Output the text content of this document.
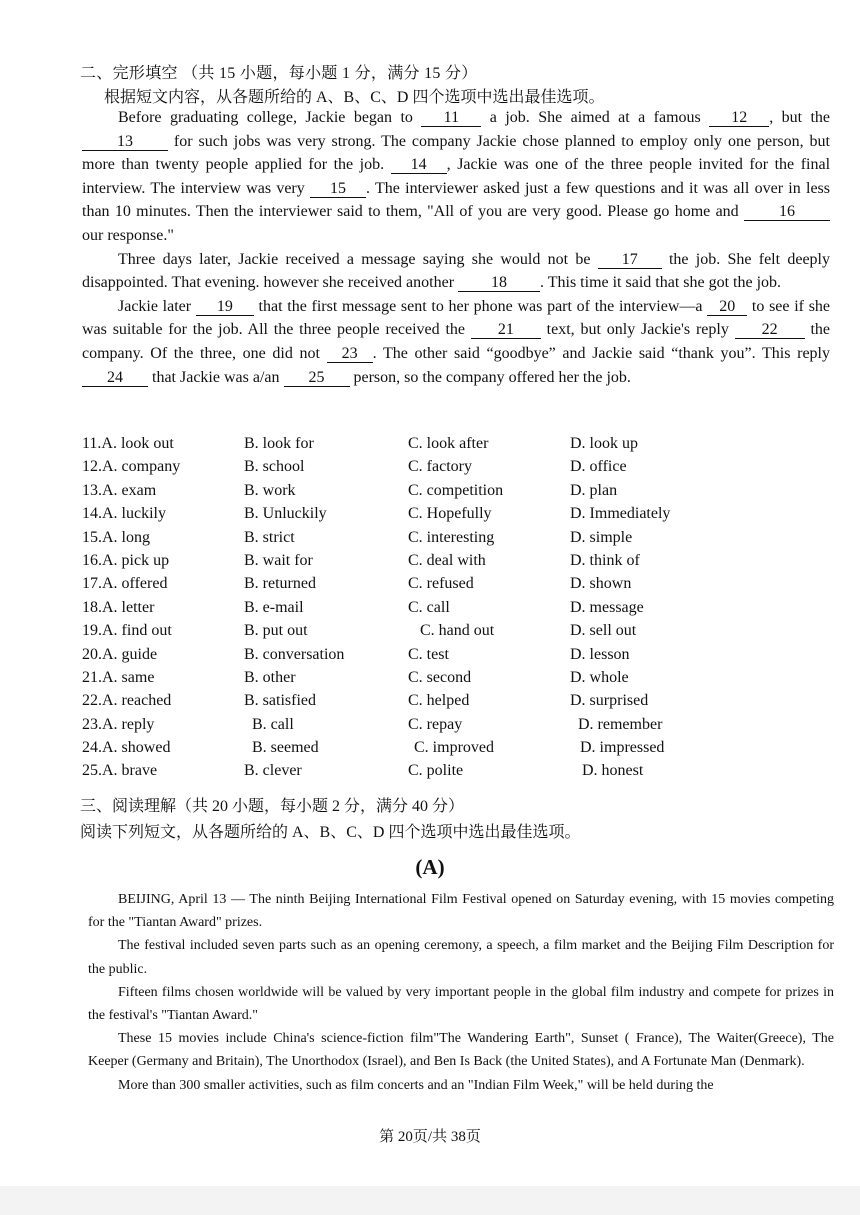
二、完形填空 （共 15 小题，每小题 1 分，满分 15 分）
根据短文内容，从各题所给的 A、B、C、D 四个选项中选出最佳选项。

Before graduating college, Jackie began to 11 a job. She aimed at a famous 12 , but the 13	for such jobs was very strong. The company Jackie chose planned to employ only one person, but more than twenty people applied for the job. 14 , Jackie was one of the three people invited for the final interview. The interview was very 15 . The interviewer asked just a few questions and it was all over in less than 10 minutes. Then the interviewer said to them, "All of you are very good. Please go home and	16 our response."

Three days later, Jackie received a message saying she would not be 17 the job. She felt deeply disappointed. That evening. however she received another 18 . This time it said that she got the job.

Jackie later 19 that the first message sent to her phone was part of the interview—a 20 to see if she was suitable for the job. All the three people received the 21 text, but only Jackie's reply 22 the company. Of the three, one did not 23 . The other said “goodbye” and Jackie said “thank you”. This reply 24 that Jackie was a/an 25 person, so the company offered her the job.

11.A. look out	B. look for	C. look after	D. look up
12.A. company	B. school	C. factory	D. office
13.A. exam	B. work	C. competition	D. plan
14.A. luckily	B. Unluckily	C. Hopefully	D. Immediately
15.A. long	B. strict	C. interesting	D. simple
16.A. pick up	B. wait for	C. deal with	D. think of
17.A. offered	B. returned	C. refused	D. shown
18.A. letter	B. e-mail	C. call	D. message
19.A. find out	B. put out	C. hand out	D. sell out
20.A. guide	B. conversation	C. test	D. lesson
21.A. same	B. other	C. second	D. whole
22.A. reached	B. satisfied	C. helped	D. surprised
23.A. reply	B. call	C. repay	D. remember
24.A. showed	B. seemed	C. improved	D. impressed
25.A. brave	B. clever	C. polite	D. honest
三、阅读理解（共 20 小题，每小题 2 分，满分 40 分）
阅读下列短文，从各题所给的 A、B、C、D 四个选项中选出最佳选项。
(A)

BEIJING, April 13 — The ninth Beijing International Film Festival opened on Saturday evening, with 15 movies competing for the "Tiantan Award" prizes.

The festival included seven parts such as an opening ceremony, a speech, a film market and the Beijing Film Description for the public.

Fifteen films chosen worldwide will be valued by very important people in the global film industry and compete for prizes in the festival's "Tiantan Award."

These 15 movies include China's science-fiction film"The Wandering Earth", Sunset ( France), The Waiter(Greece), The Keeper (Germany and Britain), The Unorthodox (Israel), and Ben Is Back (the United States), and A Fortunate Man (Denmark).

More than 300 smaller activities, such as film concerts and an "Indian Film Week," will be held during the

第 20页/共 38页
